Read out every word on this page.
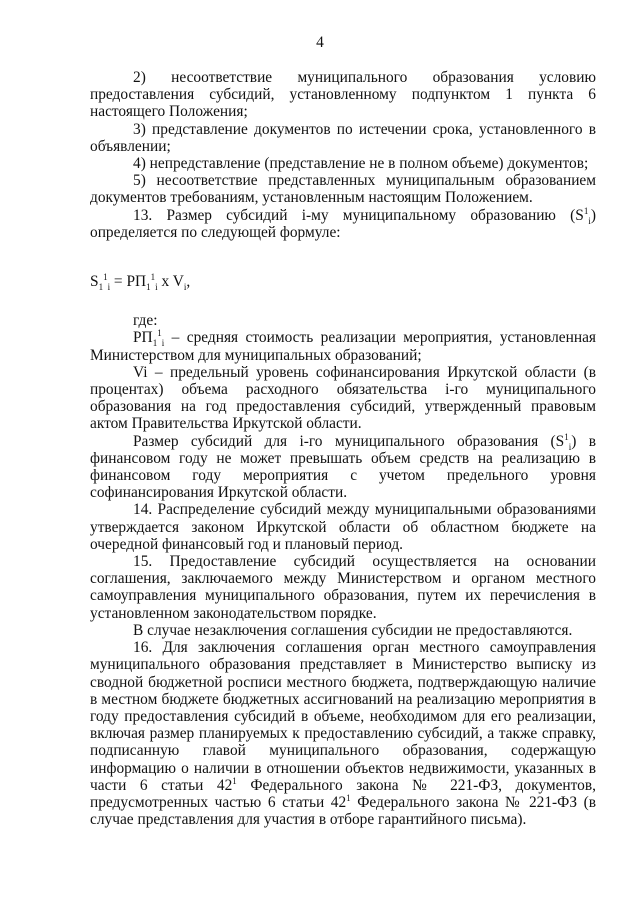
4

2) несоответствие муниципального образования условию предоставления субсидий, установленному подпунктом 1 пункта 6 настоящего Положения;

3) представление документов по истечении срока, установленного в объявлении;

4) непредставление (представление не в полном объеме) документов;

5) несоответствие представленных муниципальным образованием документов требованиям, установленным настоящим Положением.

13. Размер субсидий i-му муниципальному образованию $(S^1_i)$ определяется по следующей формуле:

$S_1^1_i = РП_1^1_i$ x $V_i$,

где:

$РП_1^1_i$ – средняя стоимость реализации мероприятия, установленная Министерством для муниципальных образований;

Vi – предельный уровень софинансирования Иркутской области (в процентах) объема расходного обязательства i-го муниципального образования на год предоставления субсидий, утвержденный правовым актом Правительства Иркутской области.

Размер субсидий для i-го муниципального образования $(S^1_i)$ в финансовом году не может превышать объем средств на реализацию в финансовом году мероприятия с учетом предельного уровня софинансирования Иркутской области.

14. Распределение субсидий между муниципальными образованиями утверждается законом Иркутской области об областном бюджете на очередной финансовый год и плановый период.

15. Предоставление субсидий осуществляется на основании соглашения, заключаемого между Министерством и органом местного самоуправления муниципального образования, путем их перечисления в установленном законодательством порядке.

В случае незаключения соглашения субсидии не предоставляются.

16. Для заключения соглашения орган местного самоуправления муниципального образования представляет в Министерство выписку из сводной бюджетной росписи местного бюджета, подтверждающую наличие в местном бюджете бюджетных ассигнований на реализацию мероприятия в году предоставления субсидий в объеме, необходимом для его реализации, включая размер планируемых к предоставлению субсидий, а также справку, подписанную главой муниципального образования, содержащую информацию о наличии в отношении объектов недвижимости, указанных в части 6 статьи $42^1$ Федерального закона № 221-ФЗ, документов, предусмотренных частью 6 статьи $42^1$ Федерального закона № 221-ФЗ (в случае представления для участия в отборе гарантийного письма).
